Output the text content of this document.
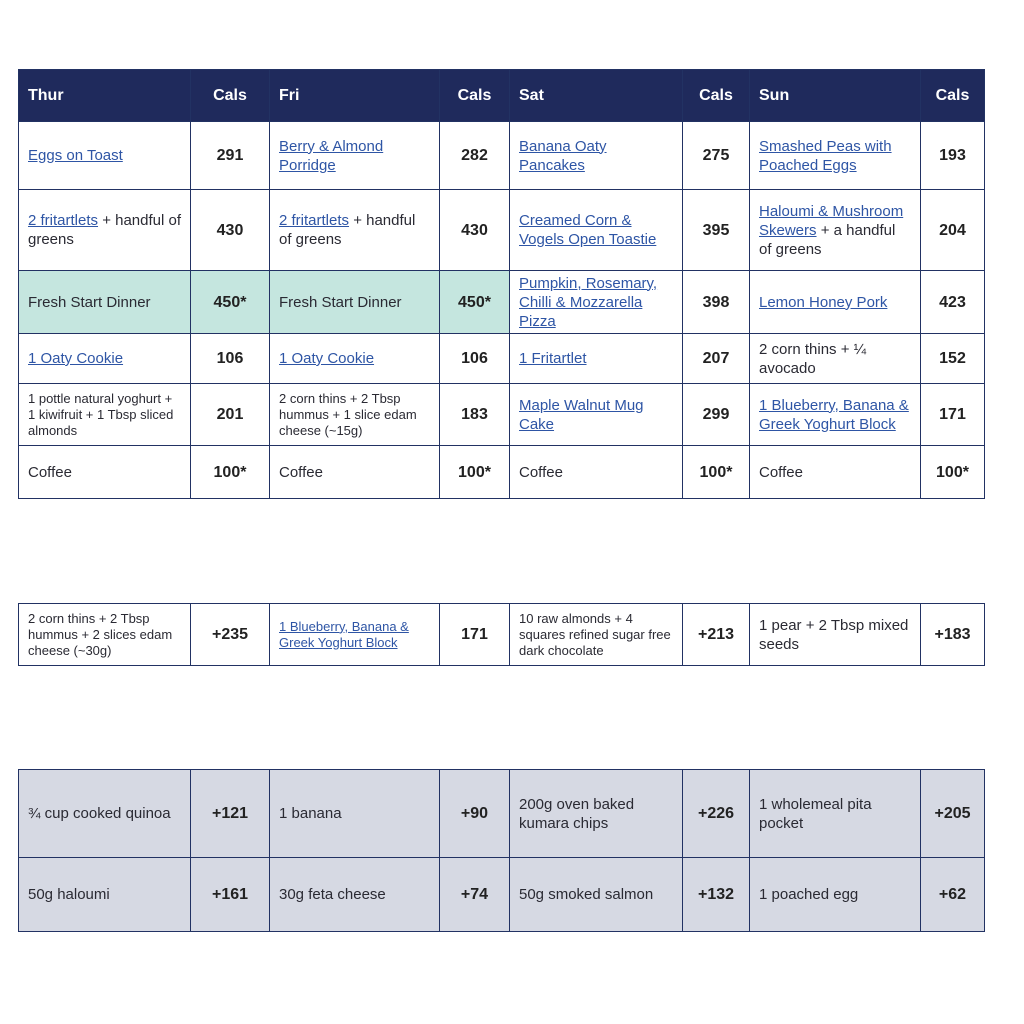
Thur	Cals	Fri	Cals	Sat	Cals	Sun	Cals
Eggs on Toast	291	Berry & Almond Porridge	282	Banana Oaty Pancakes	275	Smashed Peas with Poached Eggs	193
2 fritartlets + handful of greens	430	2 fritartlets + handful of greens	430	Creamed Corn & Vogels Open Toastie	395	Haloumi & Mushroom Skewers + a handful of greens	204
Fresh Start Dinner	450*	Fresh Start Dinner	450*	Pumpkin, Rosemary, Chilli & Mozzarella Pizza	398	Lemon Honey Pork	423
1 Oaty Cookie	106	1 Oaty Cookie	106	1 Fritartlet	207	2 corn thins + ¼ avocado	152
1 pottle natural yoghurt + 1 kiwifruit + 1 Tbsp sliced almonds	201	2 corn thins + 2 Tbsp hummus + 1 slice edam cheese (~15g)	183	Maple Walnut Mug Cake	299	1 Blueberry, Banana & Greek Yoghurt Block	171
Coffee	100*	Coffee	100*	Coffee	100*	Coffee	100*
2 corn thins + 2 Tbsp hummus + 2 slices edam cheese (~30g)	+235	1 Blueberry, Banana & Greek Yoghurt Block	171	10 raw almonds + 4 squares refined sugar free dark chocolate	+213	1 pear + 2 Tbsp mixed seeds	+183
¾ cup cooked quinoa	+121	1 banana	+90	200g oven baked kumara chips	+226	1 wholemeal pita pocket	+205
50g haloumi	+161	30g feta cheese	+74	50g smoked salmon	+132	1 poached egg	+62
